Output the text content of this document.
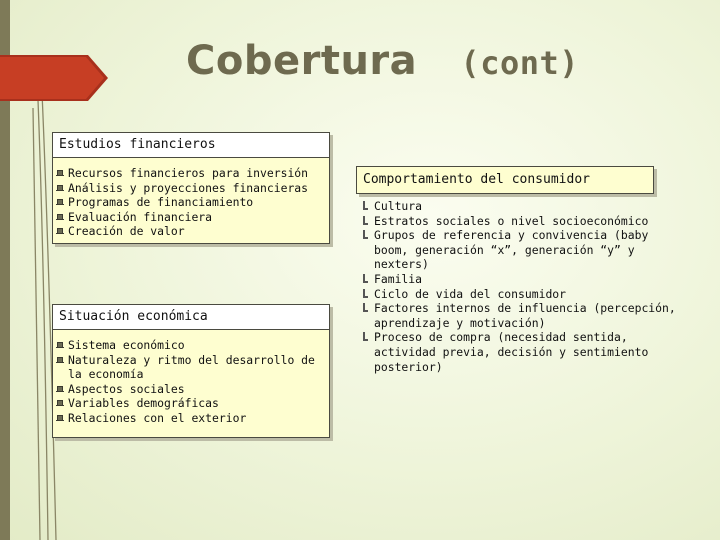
Cobertura (cont)
Estudios financieros
Recursos financieros para inversión
Análisis y proyecciones financieras
Programas de financiamiento
Evaluación financiera
Creación de valor
Situación económica
Sistema económico
Naturaleza y ritmo del desarrollo de la economía
Aspectos sociales
Variables demográficas
Relaciones con el exterior
Comportamiento del consumidor
Cultura
Estratos sociales o nivel socioeconómico
Grupos de referencia y convivencia (baby boom, generación “x”, generación “y” y nexters)
Familia
Ciclo de vida del consumidor
Factores internos de influencia (percepción, aprendizaje y motivación)
Proceso de compra (necesidad sentida, actividad previa, decisión y sentimiento posterior)
